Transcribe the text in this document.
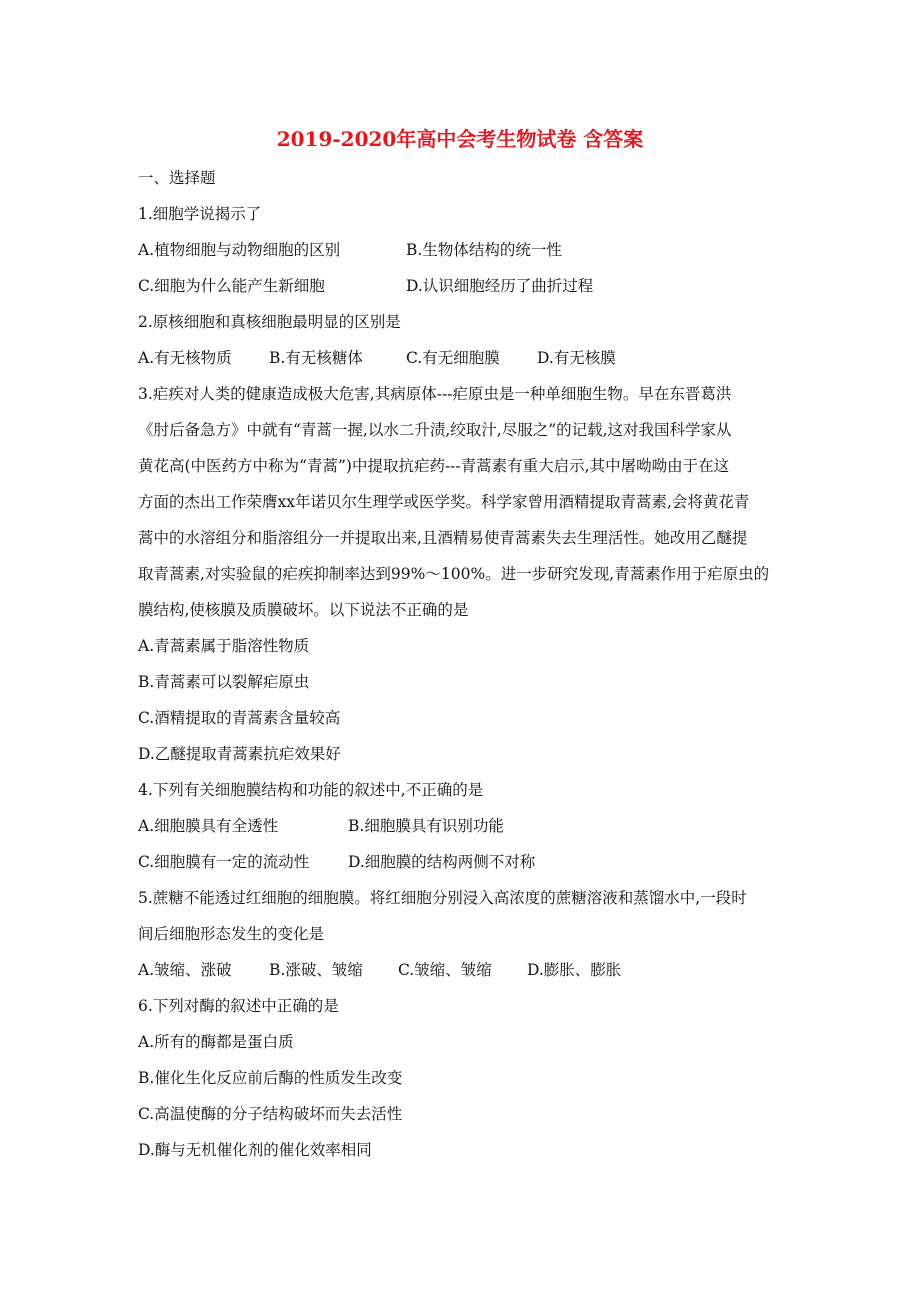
2019-2020年高中会考生物试卷 含答案
一、选择题
1.细胞学说揭示了
A.植物细胞与动物细胞的区别	B.生物体结构的统一性
C.细胞为什么能产生新细胞	D.认识细胞经历了曲折过程
2.原核细胞和真核细胞最明显的区别是
A.有无核物质 B.有无核糖体	C.有无细胞膜 D.有无核膜
3.疟疾对人类的健康造成极大危害,其病原体---疟原虫是一种单细胞生物。早在东晋葛洪
《肘后备急方》中就有“青蒿一握,以水二升渍,绞取汁,尽服之”的记载,这对我国科学家从
黄花高(中医药方中称为“青蒿”)中提取抗疟药---青蒿素有重大启示,其中屠呦呦由于在这
方面的杰出工作荣膺xx年诺贝尔生理学或医学奖。科学家曾用酒精提取青蒿素,会将黄花青
蒿中的水溶组分和脂溶组分一并提取出来,且酒精易使青蒿素失去生理活性。她改用乙醚提
取青蒿素,对实验鼠的疟疾抑制率达到99%～100%。进一步研究发现,青蒿素作用于疟原虫的
膜结构,使核膜及质膜破坏。以下说法不正确的是
A.青蒿素属于脂溶性物质
B.青蒿素可以裂解疟原虫
C.酒精提取的青蒿素含量较高
D.乙醚提取青蒿素抗疟效果好
4.下列有关细胞膜结构和功能的叙述中,不正确的是
A.细胞膜具有全透性	B.细胞膜具有识别功能
C.细胞膜有一定的流动性	D.细胞膜的结构两侧不对称
5.蔗糖不能透过红细胞的细胞膜。将红细胞分别浸入高浓度的蔗糖溶液和蒸馏水中,一段时
间后细胞形态发生的变化是
A.皱缩、涨破 B.涨破、皱缩 C.皱缩、皱缩 D.膨胀、膨胀
6.下列对酶的叙述中正确的是
A.所有的酶都是蛋白质
B.催化生化反应前后酶的性质发生改变
C.高温使酶的分子结构破坏而失去活性
D.酶与无机催化剂的催化效率相同
